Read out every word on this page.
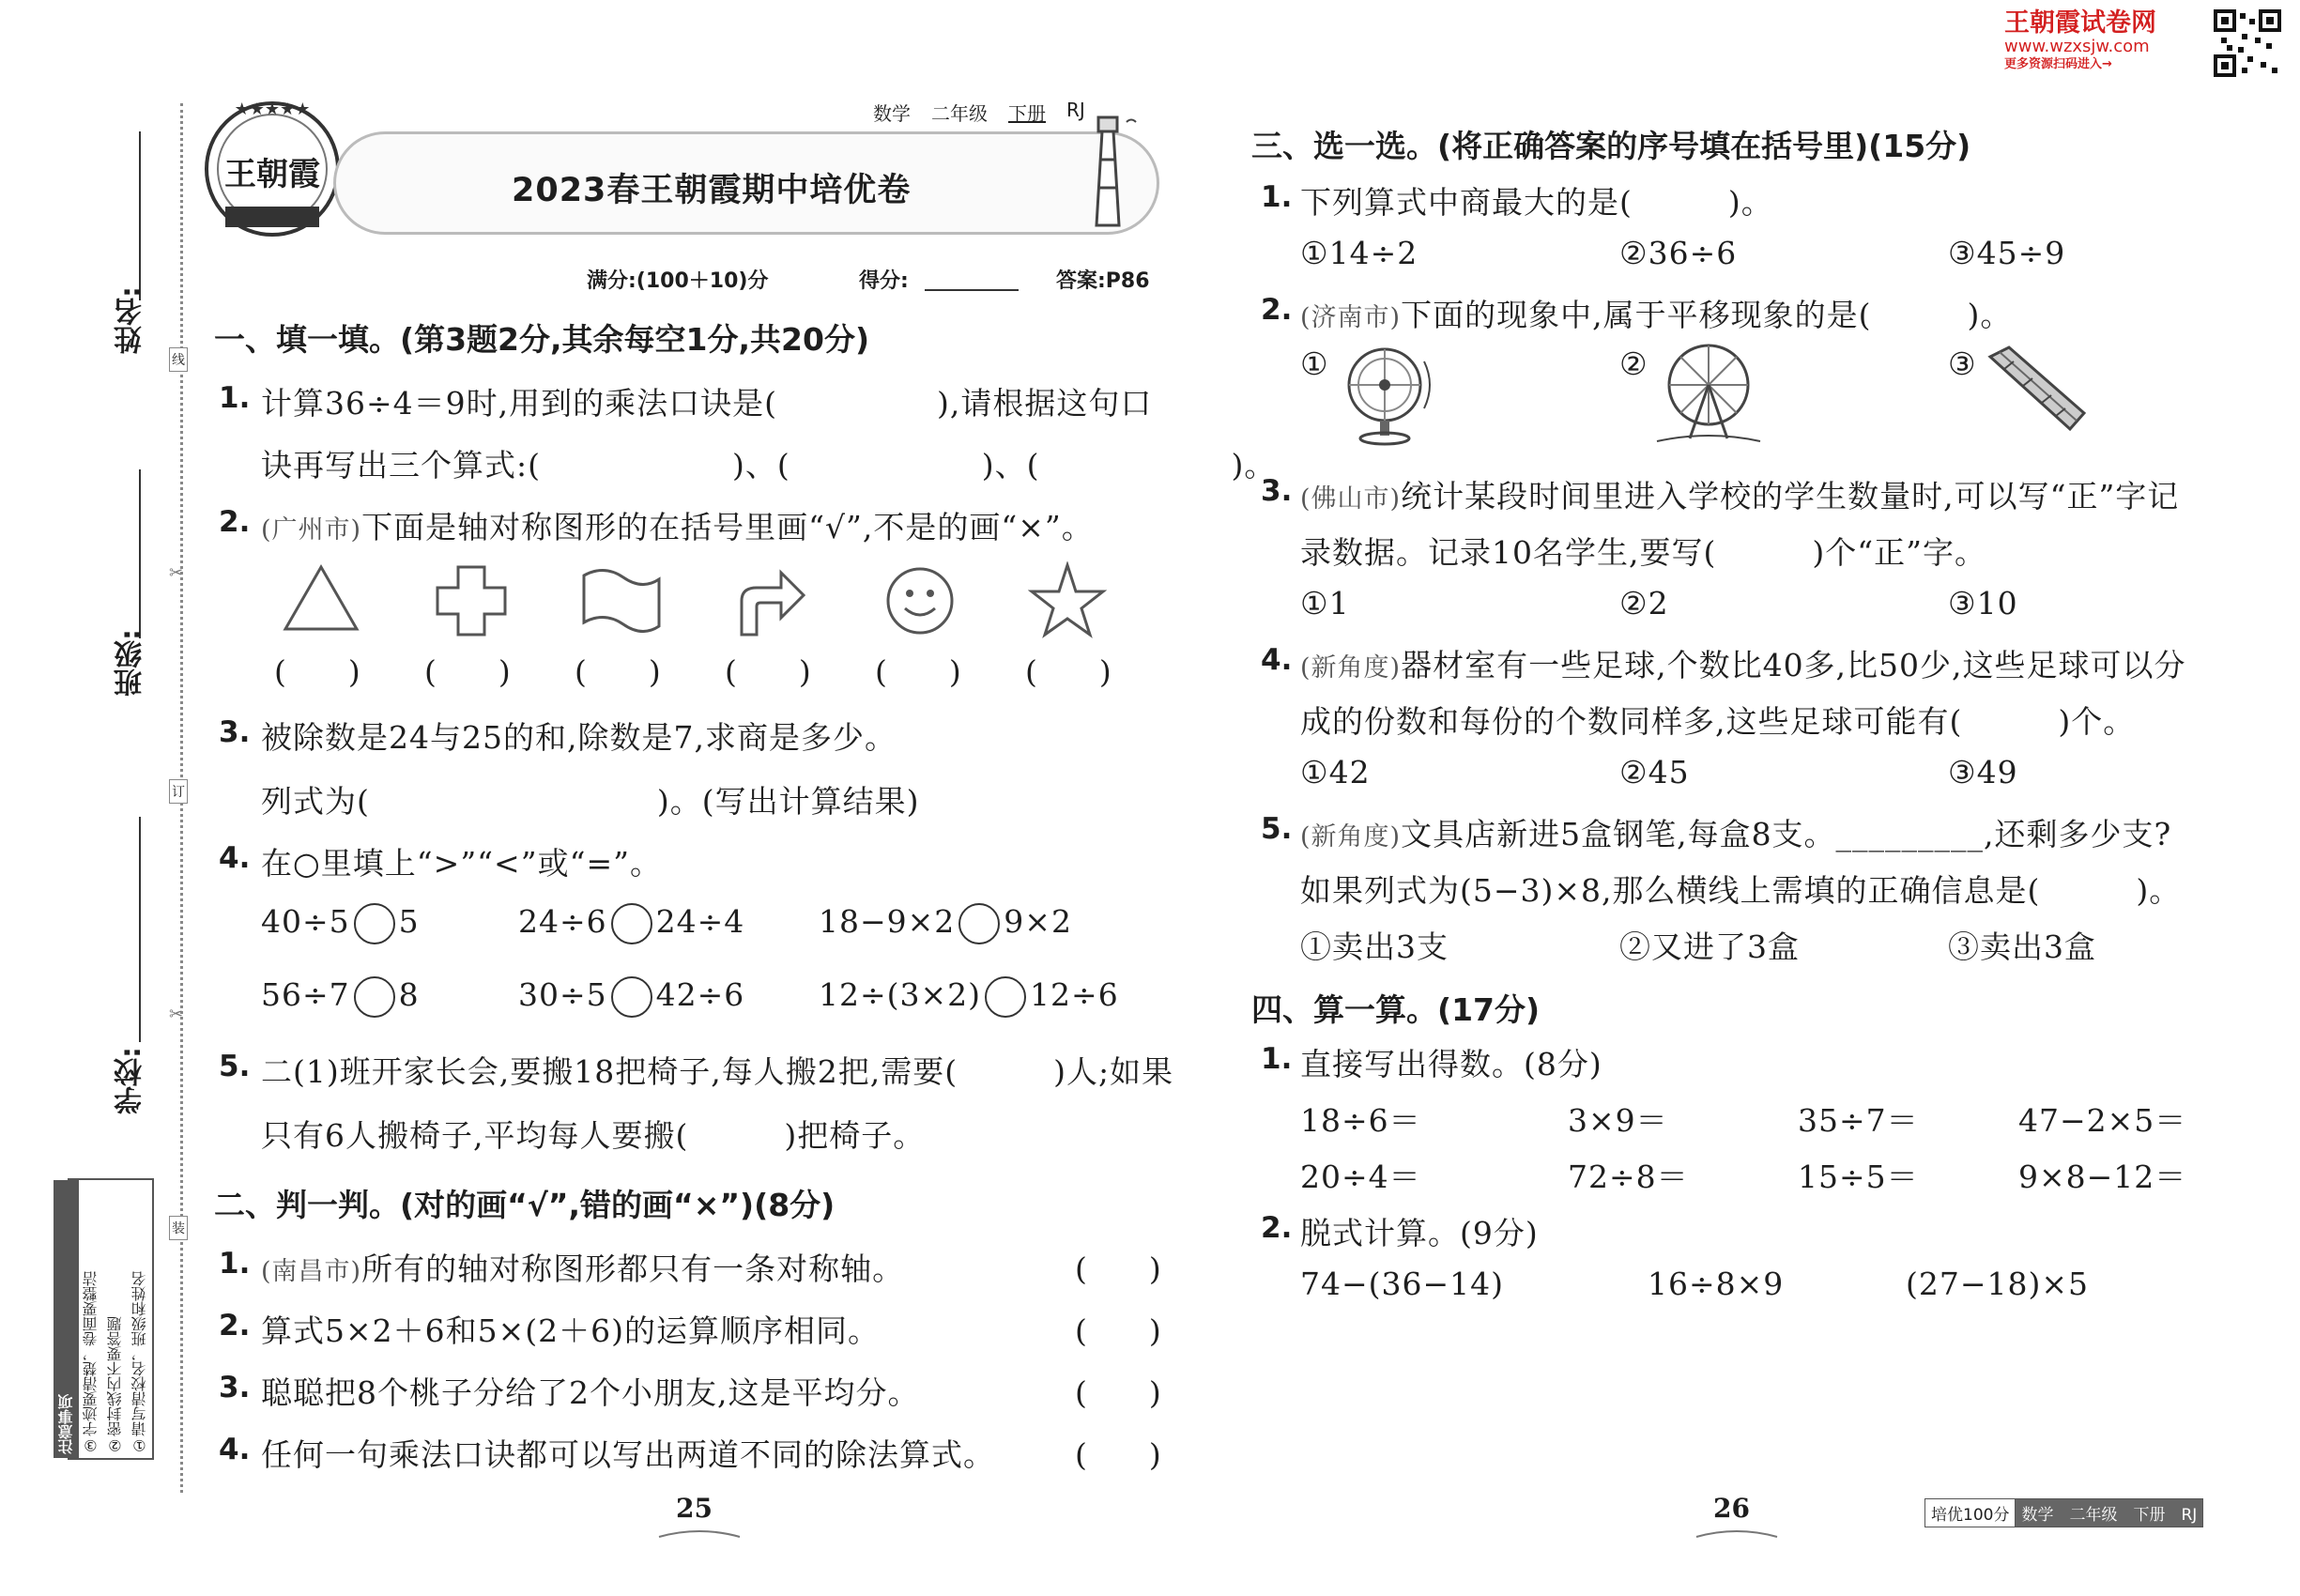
王朝霞试卷网
www.wzxsjw.com
更多资源扫码进入→
姓名:
班级:
学校:
线
订
装
✂
✂
①请写清校名，班级和姓名
②密封线内不要答题
③字迹要清楚，卷面要整洁
注意事项
★★★★★
王朝霞
数学 二年级 下册 RJ
2023春王朝霞期中培优卷
满分:(100＋10)分	得分:	答案:P86
一、填一填。(第3题2分,其余每空1分,共20分)
1. 计算36÷4＝9时,用到的乘法口诀是(　　　　　),请根据这句口
诀再写出三个算式:(　　　　　　)、(　　　　　　)、(　　　　　　)。
2. (广州市)下面是轴对称图形的在括号里画“√”,不是的画“×”。
(　　) (　　) (　　) (　　) (　　) (　　)
3. 被除数是24与25的和,除数是7,求商是多少。
列式为(　　　　　　　　　)。(写出计算结果)
4. 在○里填上“>”“<”或“=”。
40÷5 5	24÷6 24÷4 18−9×2 9×2
56÷7 8	30÷5 42÷6 12÷(3×2) 12÷6
5. 二(1)班开家长会,要搬18把椅子,每人搬2把,需要(　　　)人;如果
只有6人搬椅子,平均每人要搬(　　　)把椅子。
二、判一判。(对的画“√”,错的画“×”)(8分)
1. (南昌市)所有的轴对称图形都只有一条对称轴。	(　　)
2. 算式5×2＋6和5×(2＋6)的运算顺序相同。	(　　)
3. 聪聪把8个桃子分给了2个小朋友,这是平均分。	(　　)
4. 任何一句乘法口诀都可以写出两道不同的除法算式。	(　　)
三、选一选。(将正确答案的序号填在括号里)(15分)
1. 下列算式中商最大的是(　　　)。
①14÷2	②36÷6	③45÷9
2. (济南市)下面的现象中,属于平移现象的是(　　　)。
①	②	③
3. (佛山市)统计某段时间里进入学校的学生数量时,可以写“正”字记
录数据。记录10名学生,要写(　　　)个“正”字。
①1	②2	③10
4. (新角度)器材室有一些足球,个数比40多,比50少,这些足球可以分
成的份数和每份的个数同样多,这些足球可能有(　　　)个。
①42	②45	③49
5. (新角度)文具店新进5盒钢笔,每盒8支。_________,还剩多少支?
如果列式为(5−3)×8,那么横线上需填的正确信息是(　　　)。
①卖出3支	②又进了3盒	③卖出3盒
四、算一算。(17分)
1. 直接写出得数。(8分)
18÷6＝	3×9＝	35÷7＝	47−2×5＝
20÷4＝	72÷8＝	15÷5＝	9×8−12＝
2. 脱式计算。(9分)
74−(36−14)	16÷8×9	(27−18)×5
25	26	培优100分 数学　二年级　下册　RJ
